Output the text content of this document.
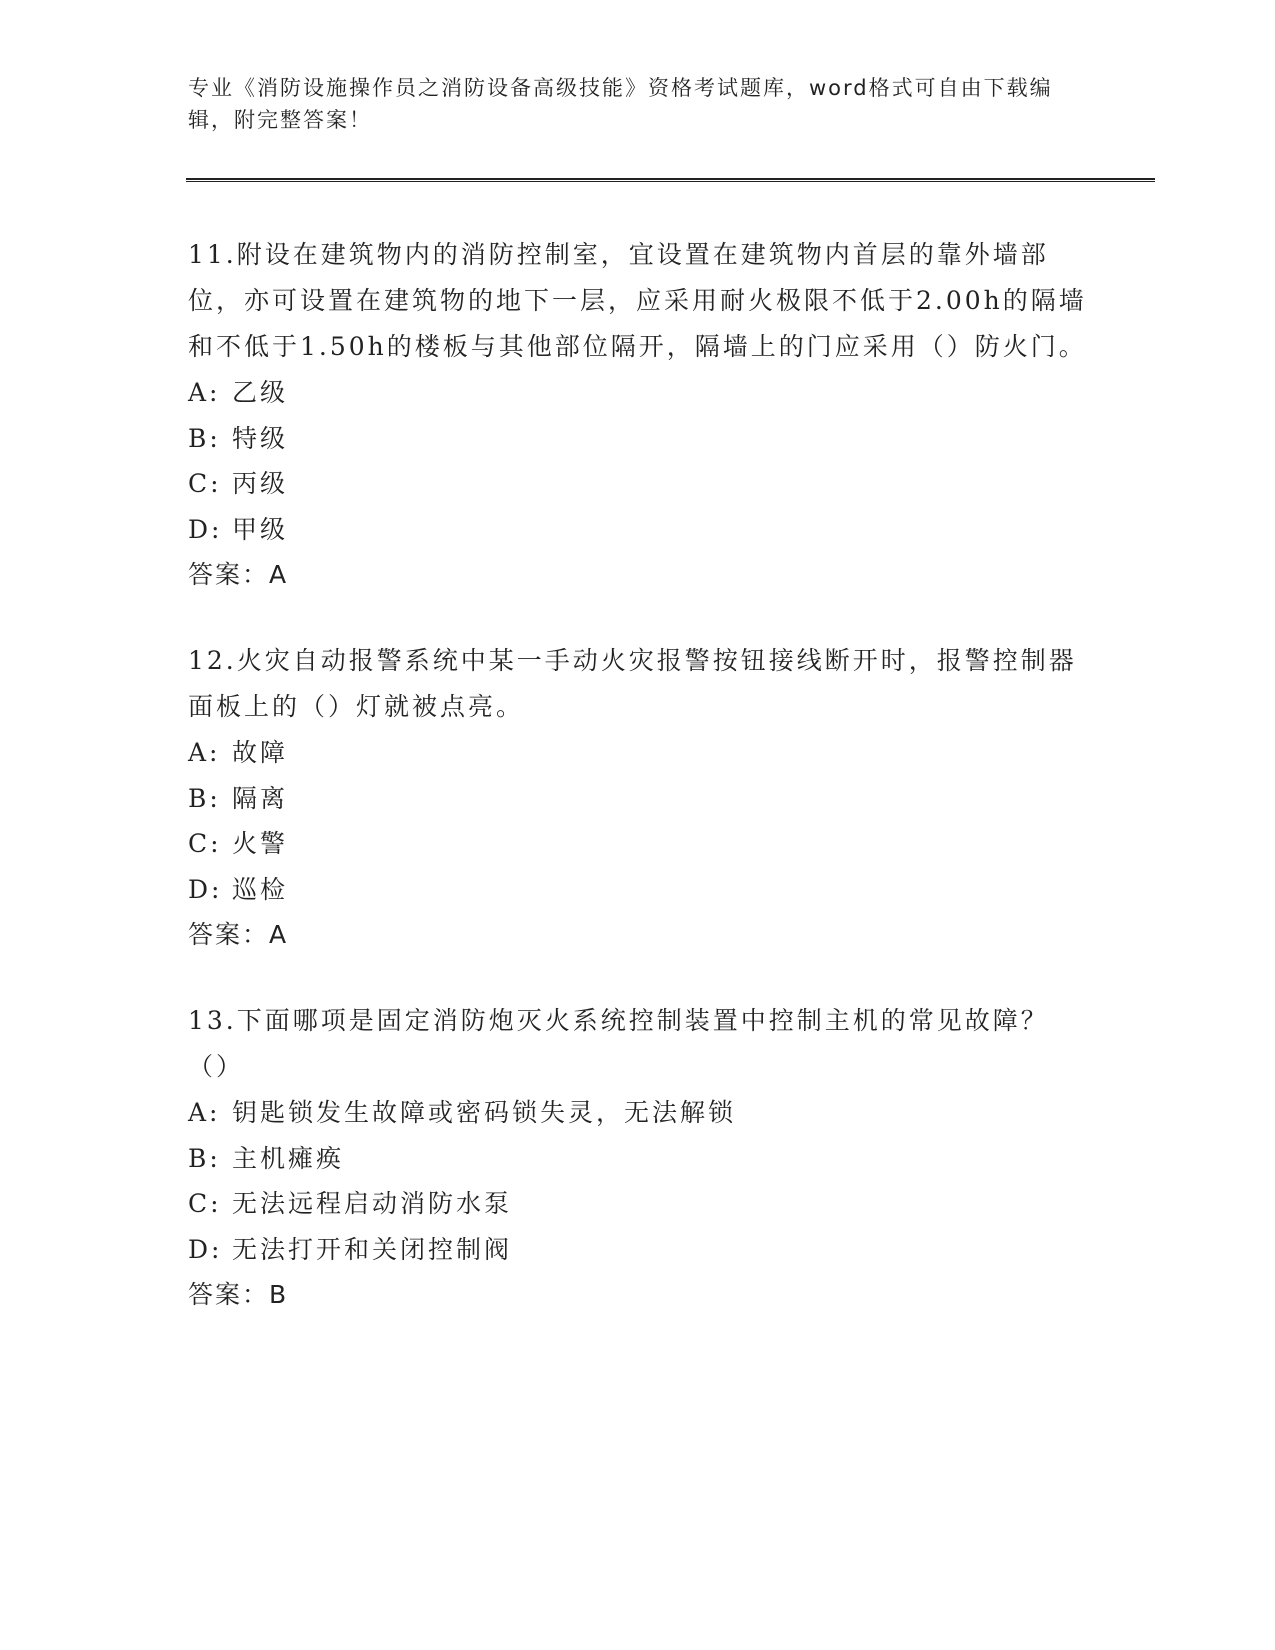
专业《消防设施操作员之消防设备高级技能》资格考试题库，word格式可自由下载编辑，附完整答案！
11.附设在建筑物内的消防控制室，宜设置在建筑物内首层的靠外墙部位，亦可设置在建筑物的地下一层，应采用耐火极限不低于2.00h的隔墙和不低于1.50h的楼板与其他部位隔开，隔墙上的门应采用（）防火门。
A: 乙级
B: 特级
C: 丙级
D: 甲级
答案：A
12.火灾自动报警系统中某一手动火灾报警按钮接线断开时，报警控制器面板上的（）灯就被点亮。
A: 故障
B: 隔离
C: 火警
D: 巡检
答案：A
13.下面哪项是固定消防炮灭火系统控制装置中控制主机的常见故障？（）
A: 钥匙锁发生故障或密码锁失灵，无法解锁
B: 主机瘫痪
C: 无法远程启动消防水泵
D: 无法打开和关闭控制阀
答案：B
